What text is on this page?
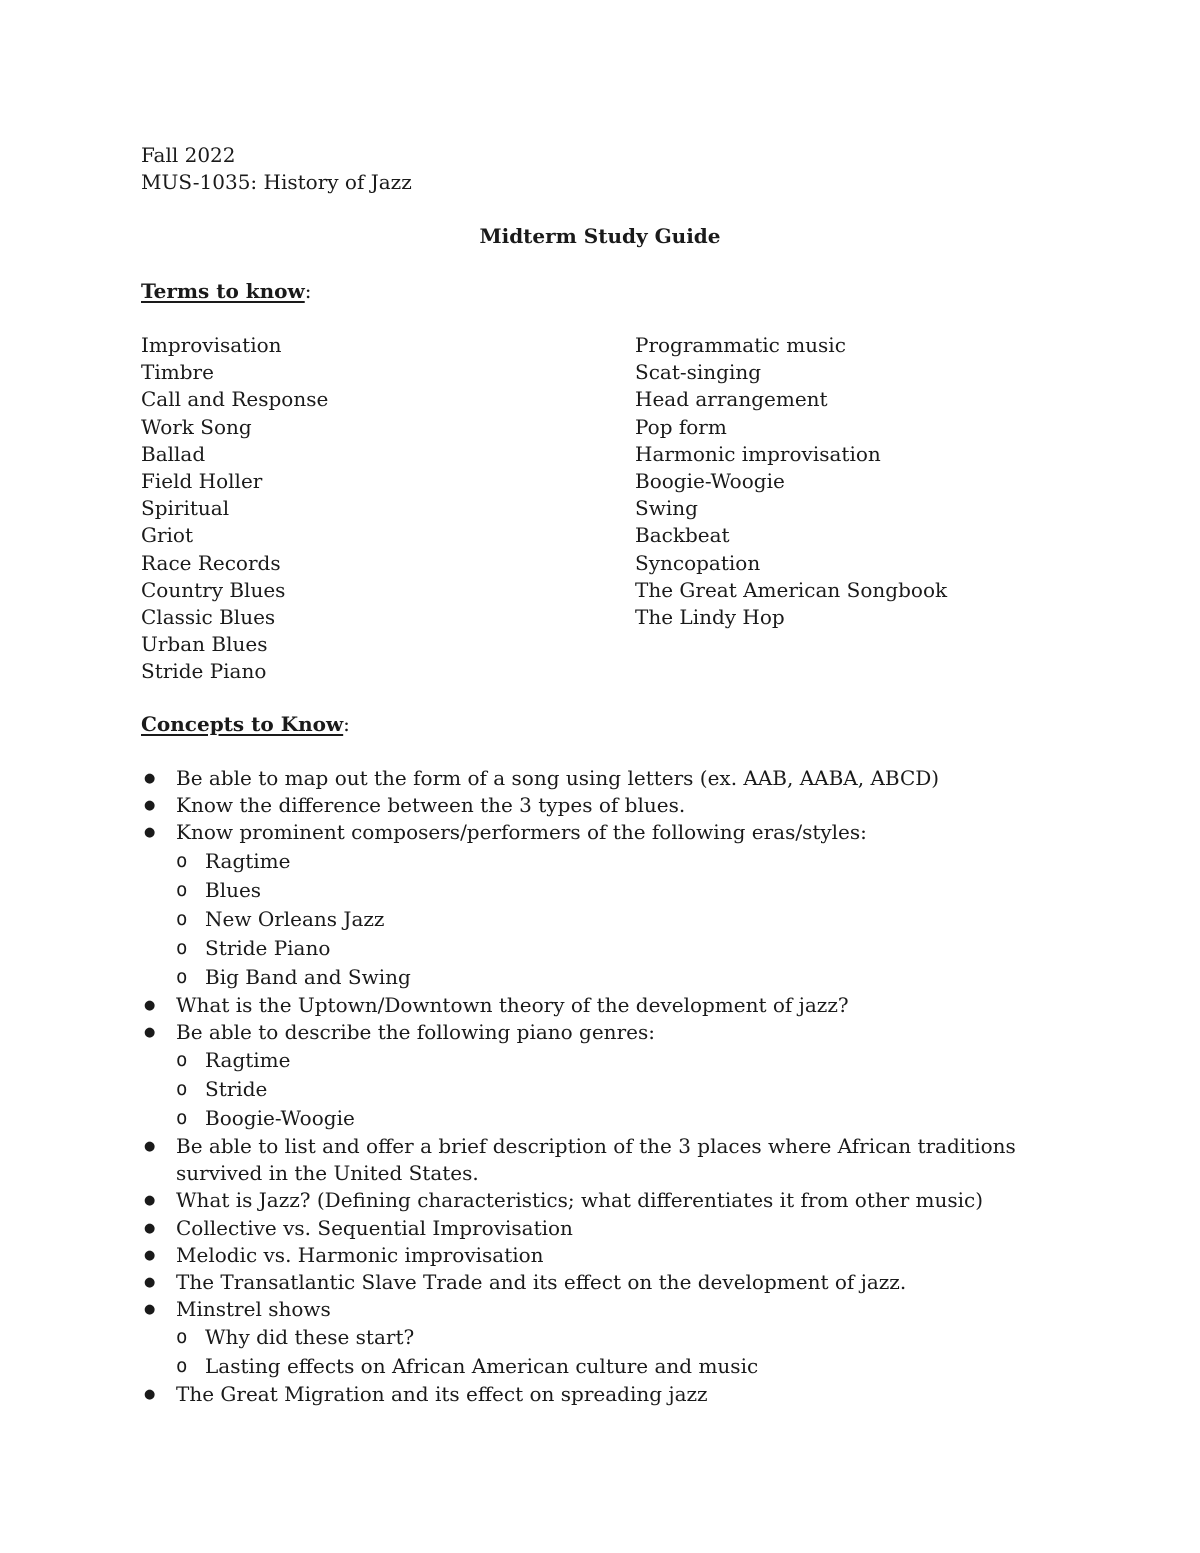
Fall 2022
MUS-1035: History of Jazz
Midterm Study Guide
Terms to know:
Improvisation
Timbre
Call and Response
Work Song
Ballad
Field Holler
Spiritual
Griot
Race Records
Country Blues
Classic Blues
Urban Blues
Stride Piano
Programmatic music
Scat-singing
Head arrangement
Pop form
Harmonic improvisation
Boogie-Woogie
Swing
Backbeat
Syncopation
The Great American Songbook
The Lindy Hop
Concepts to Know:
● Be able to map out the form of a song using letters (ex. AAB, AABA, ABCD)
● Know the difference between the 3 types of blues.
● Know prominent composers/performers of the following eras/styles:
o Ragtime
o Blues
o New Orleans Jazz
o Stride Piano
o Big Band and Swing
● What is the Uptown/Downtown theory of the development of jazz?
● Be able to describe the following piano genres:
o Ragtime
o Stride
o Boogie-Woogie
● Be able to list and offer a brief description of the 3 places where African traditions survived in the United States.
● What is Jazz? (Defining characteristics; what differentiates it from other music)
● Collective vs. Sequential Improvisation
● Melodic vs. Harmonic improvisation
● The Transatlantic Slave Trade and its effect on the development of jazz.
● Minstrel shows
o Why did these start?
o Lasting effects on African American culture and music
● The Great Migration and its effect on spreading jazz
